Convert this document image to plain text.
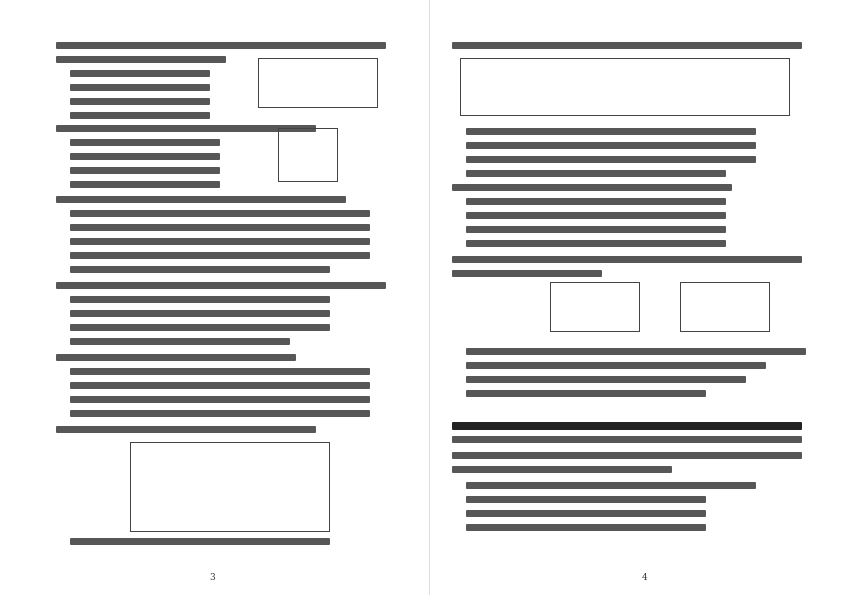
3	4
